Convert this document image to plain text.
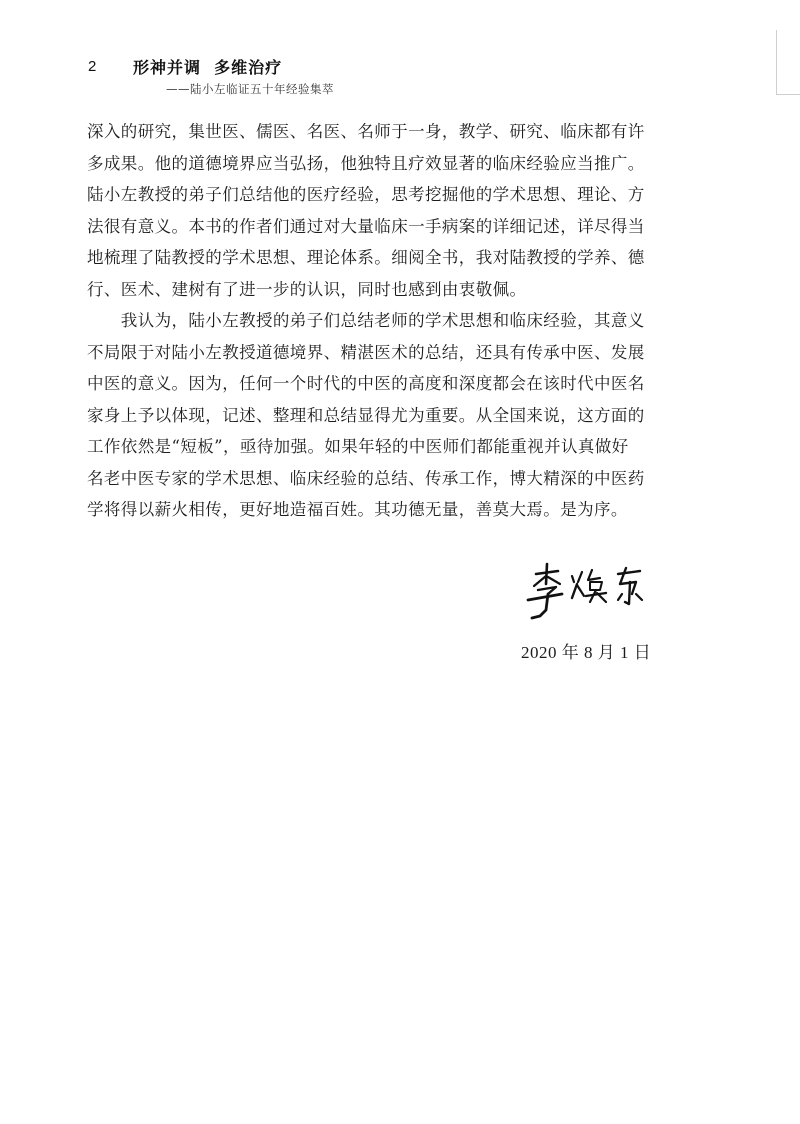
2 形神并调  多维治疗
——陆小左临证五十年经验集萃

深入的研究，集世医、儒医、名医、名师于一身，教学、研究、临床都有许
多成果。他的道德境界应当弘扬，他独特且疗效显著的临床经验应当推广。
陆小左教授的弟子们总结他的医疗经验，思考挖掘他的学术思想、理论、方
法很有意义。本书的作者们通过对大量临床一手病案的详细记述，详尽得当
地梳理了陆教授的学术思想、理论体系。细阅全书，我对陆教授的学养、德
行、医术、建树有了进一步的认识，同时也感到由衷敬佩。

　　我认为，陆小左教授的弟子们总结老师的学术思想和临床经验，其意义
不局限于对陆小左教授道德境界、精湛医术的总结，还具有传承中医、发展
中医的意义。因为，任何一个时代的中医的高度和深度都会在该时代中医名
家身上予以体现，记述、整理和总结显得尤为重要。从全国来说，这方面的
工作依然是“短板”，亟待加强。如果年轻的中医师们都能重视并认真做好
名老中医专家的学术思想、临床经验的总结、传承工作，博大精深的中医药
学将得以薪火相传，更好地造福百姓。其功德无量，善莫大焉。是为序。

2020 年 8 月 1 日
